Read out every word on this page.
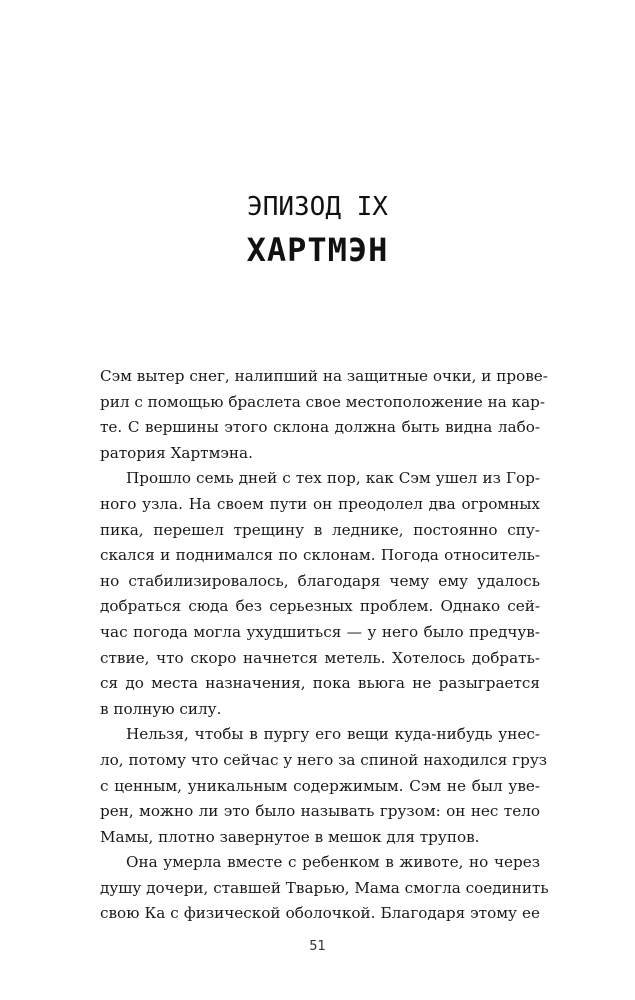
ЭПИЗОД IX
ХАРТМЭН
Сэм вытер снег, налипший на защитные очки, и прове-
рил с помощью браслета свое местоположение на кар-
те. С вершины этого склона должна быть видна лабо-
ратория Хартмэна.
Прошло семь дней с тех пор, как Сэм ушел из Гор-
ного узла. На своем пути он преодолел два огромных
пика, перешел трещину в леднике, постоянно спу-
скался и поднимался по склонам. Погода относитель-
но стабилизировалось, благодаря чему ему удалось
добраться сюда без серьезных проблем. Однако сей-
час погода могла ухудшиться — у него было предчув-
ствие, что скоро начнется метель. Хотелось добрать-
ся до места назначения, пока вьюга не разыграется
в полную силу.
Нельзя, чтобы в пургу его вещи куда-нибудь унес-
ло, потому что сейчас у него за спиной находился груз
с ценным, уникальным содержимым. Сэм не был уве-
рен, можно ли это было называть грузом: он нес тело
Мамы, плотно завернутое в мешок для трупов.
Она умерла вместе с ребенком в животе, но через
душу дочери, ставшей Тварью, Мама смогла соединить
свою Ка с физической оболочкой. Благодаря этому ее
51
